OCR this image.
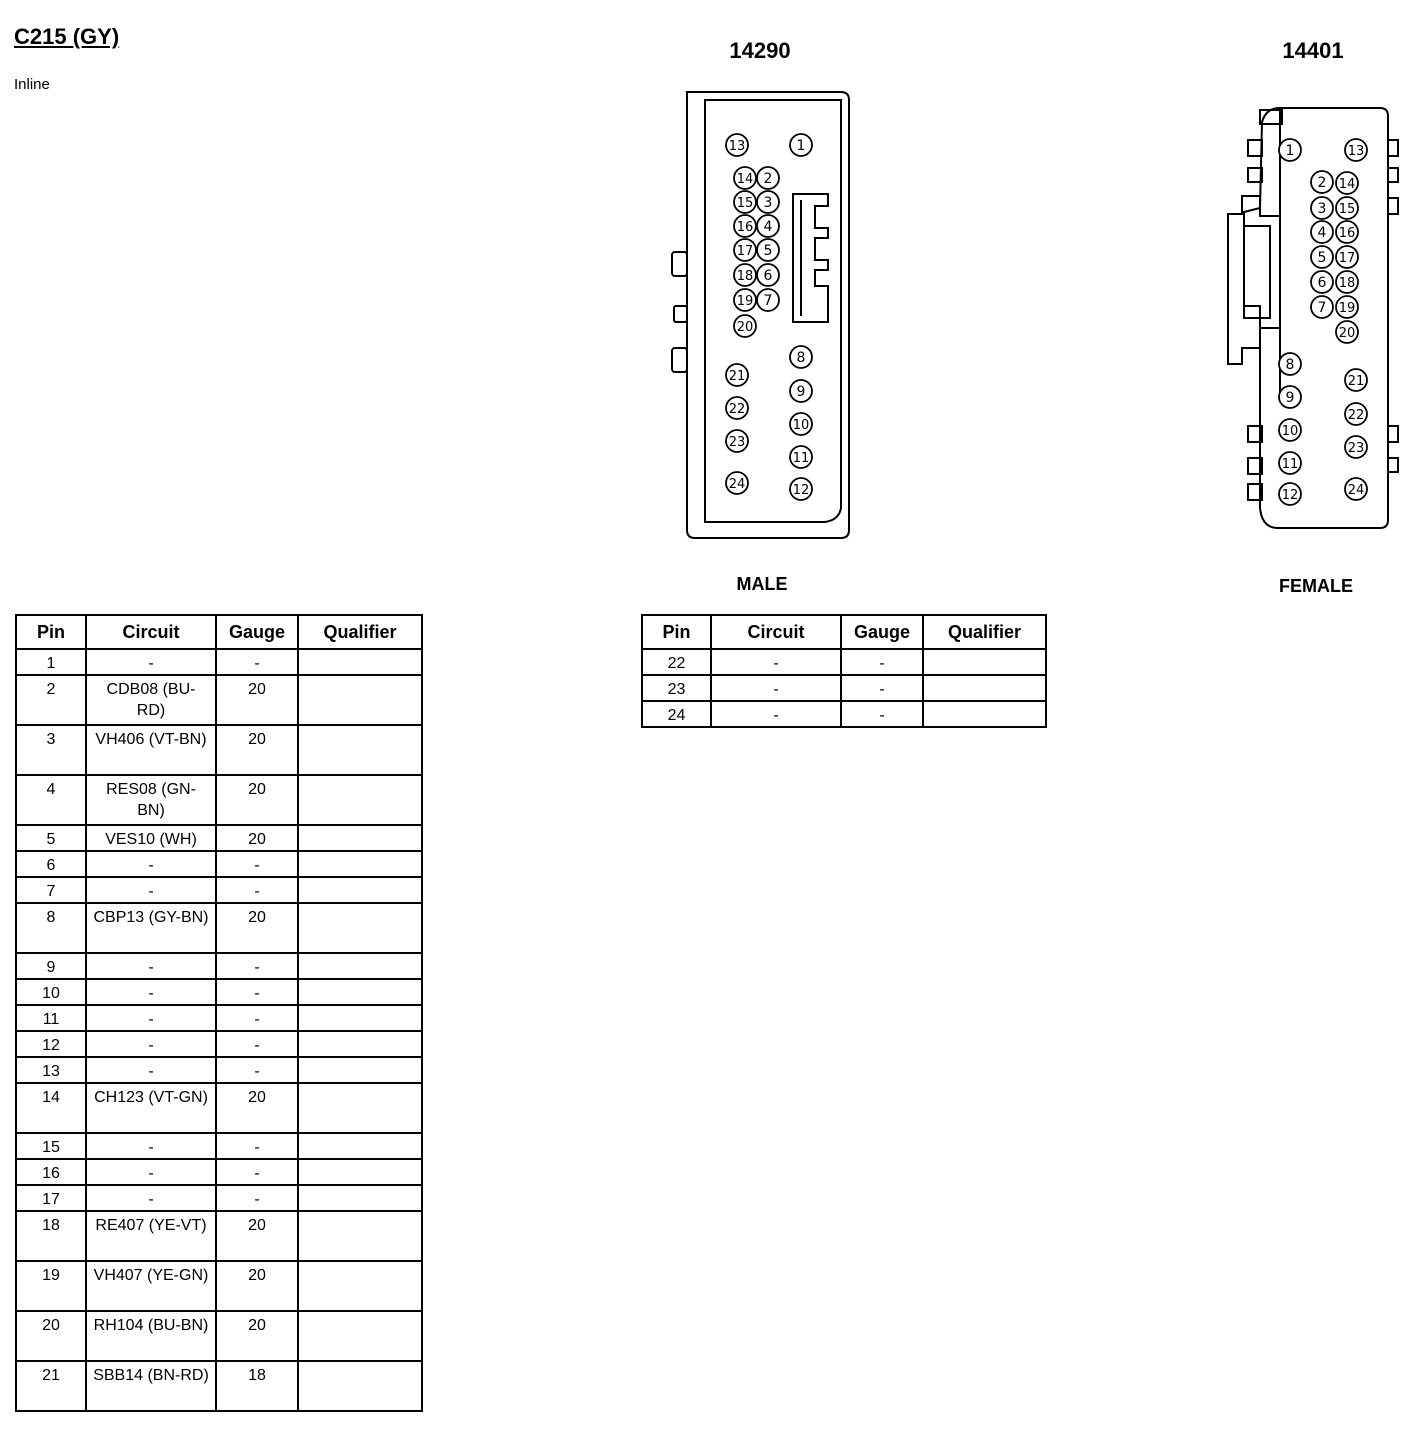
C215 (GY)
Inline
14290	14401
1
2
3
4
5
6
7
8
9
10
11
12
13
14
15
16
17
18
19
20
21
22
23
24
MALE
1
2
3
4
5
6
7
8
9
10
11
12
13
14
15
16
17
18
19
20
21
22
23
24
FEMALE
Pin	Circuit	Gauge	Qualifier
1	-	-	
2	CDB08 (BU-RD)	20	
3	VH406 (VT-BN)	20	
4	RES08 (GN-BN)	20	
5	VES10 (WH)	20	
6	-	-	
7	-	-	
8	CBP13 (GY-BN)	20	
9	-	-	
10	-	-	
11	-	-	
12	-	-	
13	-	-	
14	CH123 (VT-GN)	20	
15	-	-	
16	-	-	
17	-	-	
18	RE407 (YE-VT)	20	
19	VH407 (YE-GN)	20	
20	RH104 (BU-BN)	20	
21	SBB14 (BN-RD)	18	
Pin	Circuit	Gauge	Qualifier
22	-	-	
23	-	-	
24	-	-	
